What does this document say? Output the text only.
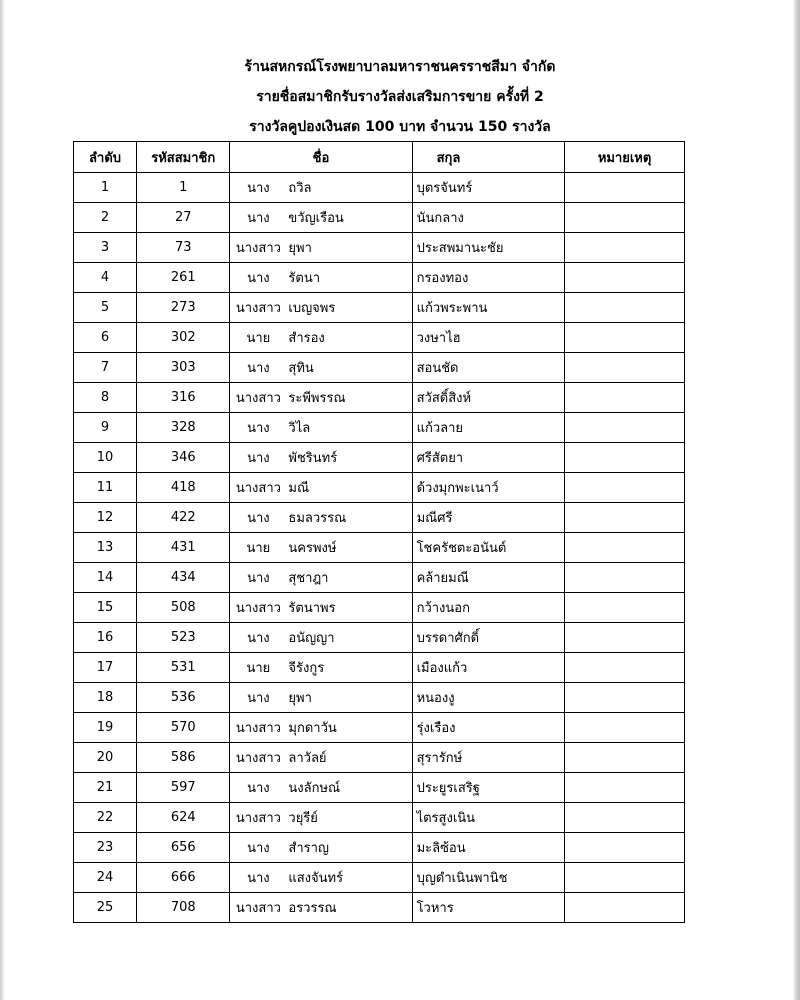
ร้านสหกรณ์โรงพยาบาลมหาราชนครราชสีมา จำกัด
รายชื่อสมาชิกรับรางวัลส่งเสริมการขาย ครั้งที่ 2
รางวัลคูปองเงินสด 100 บาท จำนวน 150 รางวัล
ลำดับ	รหัสสมาชิก	ชื่อ	สกุล	หมายเหตุ
1	1	นาง ถวิล	บุตรจันทร์	
2	27	นาง ขวัญเรือน	นันกลาง	
3	73	นางสาว ยุพา	ประสพมานะชัย	
4	261	นาง รัตนา	กรองทอง	
5	273	นางสาว เบญจพร	แก้วพระพาน	
6	302	นาย สำรอง	วงษาไฮ	
7	303	นาง สุทิน	สอนชัด	
8	316	นางสาว ระพีพรรณ	สวัสดิ์สิงห์	
9	328	นาง วิไล	แก้วลาย	
10	346	นาง พัชรินทร์	ศรีสัตยา	
11	418	นางสาว มณี	ด้วงมุกพะเนาว์	
12	422	นาง ธมลวรรณ	มณีศรี	
13	431	นาย นครพงษ์	โชครัชตะอนันต์	
14	434	นาง สุชาฎา	คล้ายมณี	
15	508	นางสาว รัตนาพร	กว้างนอก	
16	523	นาง อนัญญา	บรรดาศักดิ์	
17	531	นาย จีรังกูร	เมืองแก้ว	
18	536	นาง ยุพา	หนองงู	
19	570	นางสาว มุกดาวัน	รุ่งเรือง	
20	586	นางสาว ลาวัลย์	สุรารักษ์	
21	597	นาง นงลักษณ์	ประยูรเสริฐ	
22	624	นางสาว วยุรีย์	ไตรสูงเนิน	
23	656	นาง สำราญ	มะลิซ้อน	
24	666	นาง แสงจันทร์	บุญดำเนินพานิช	
25	708	นางสาว อรวรรณ	โวหาร	
